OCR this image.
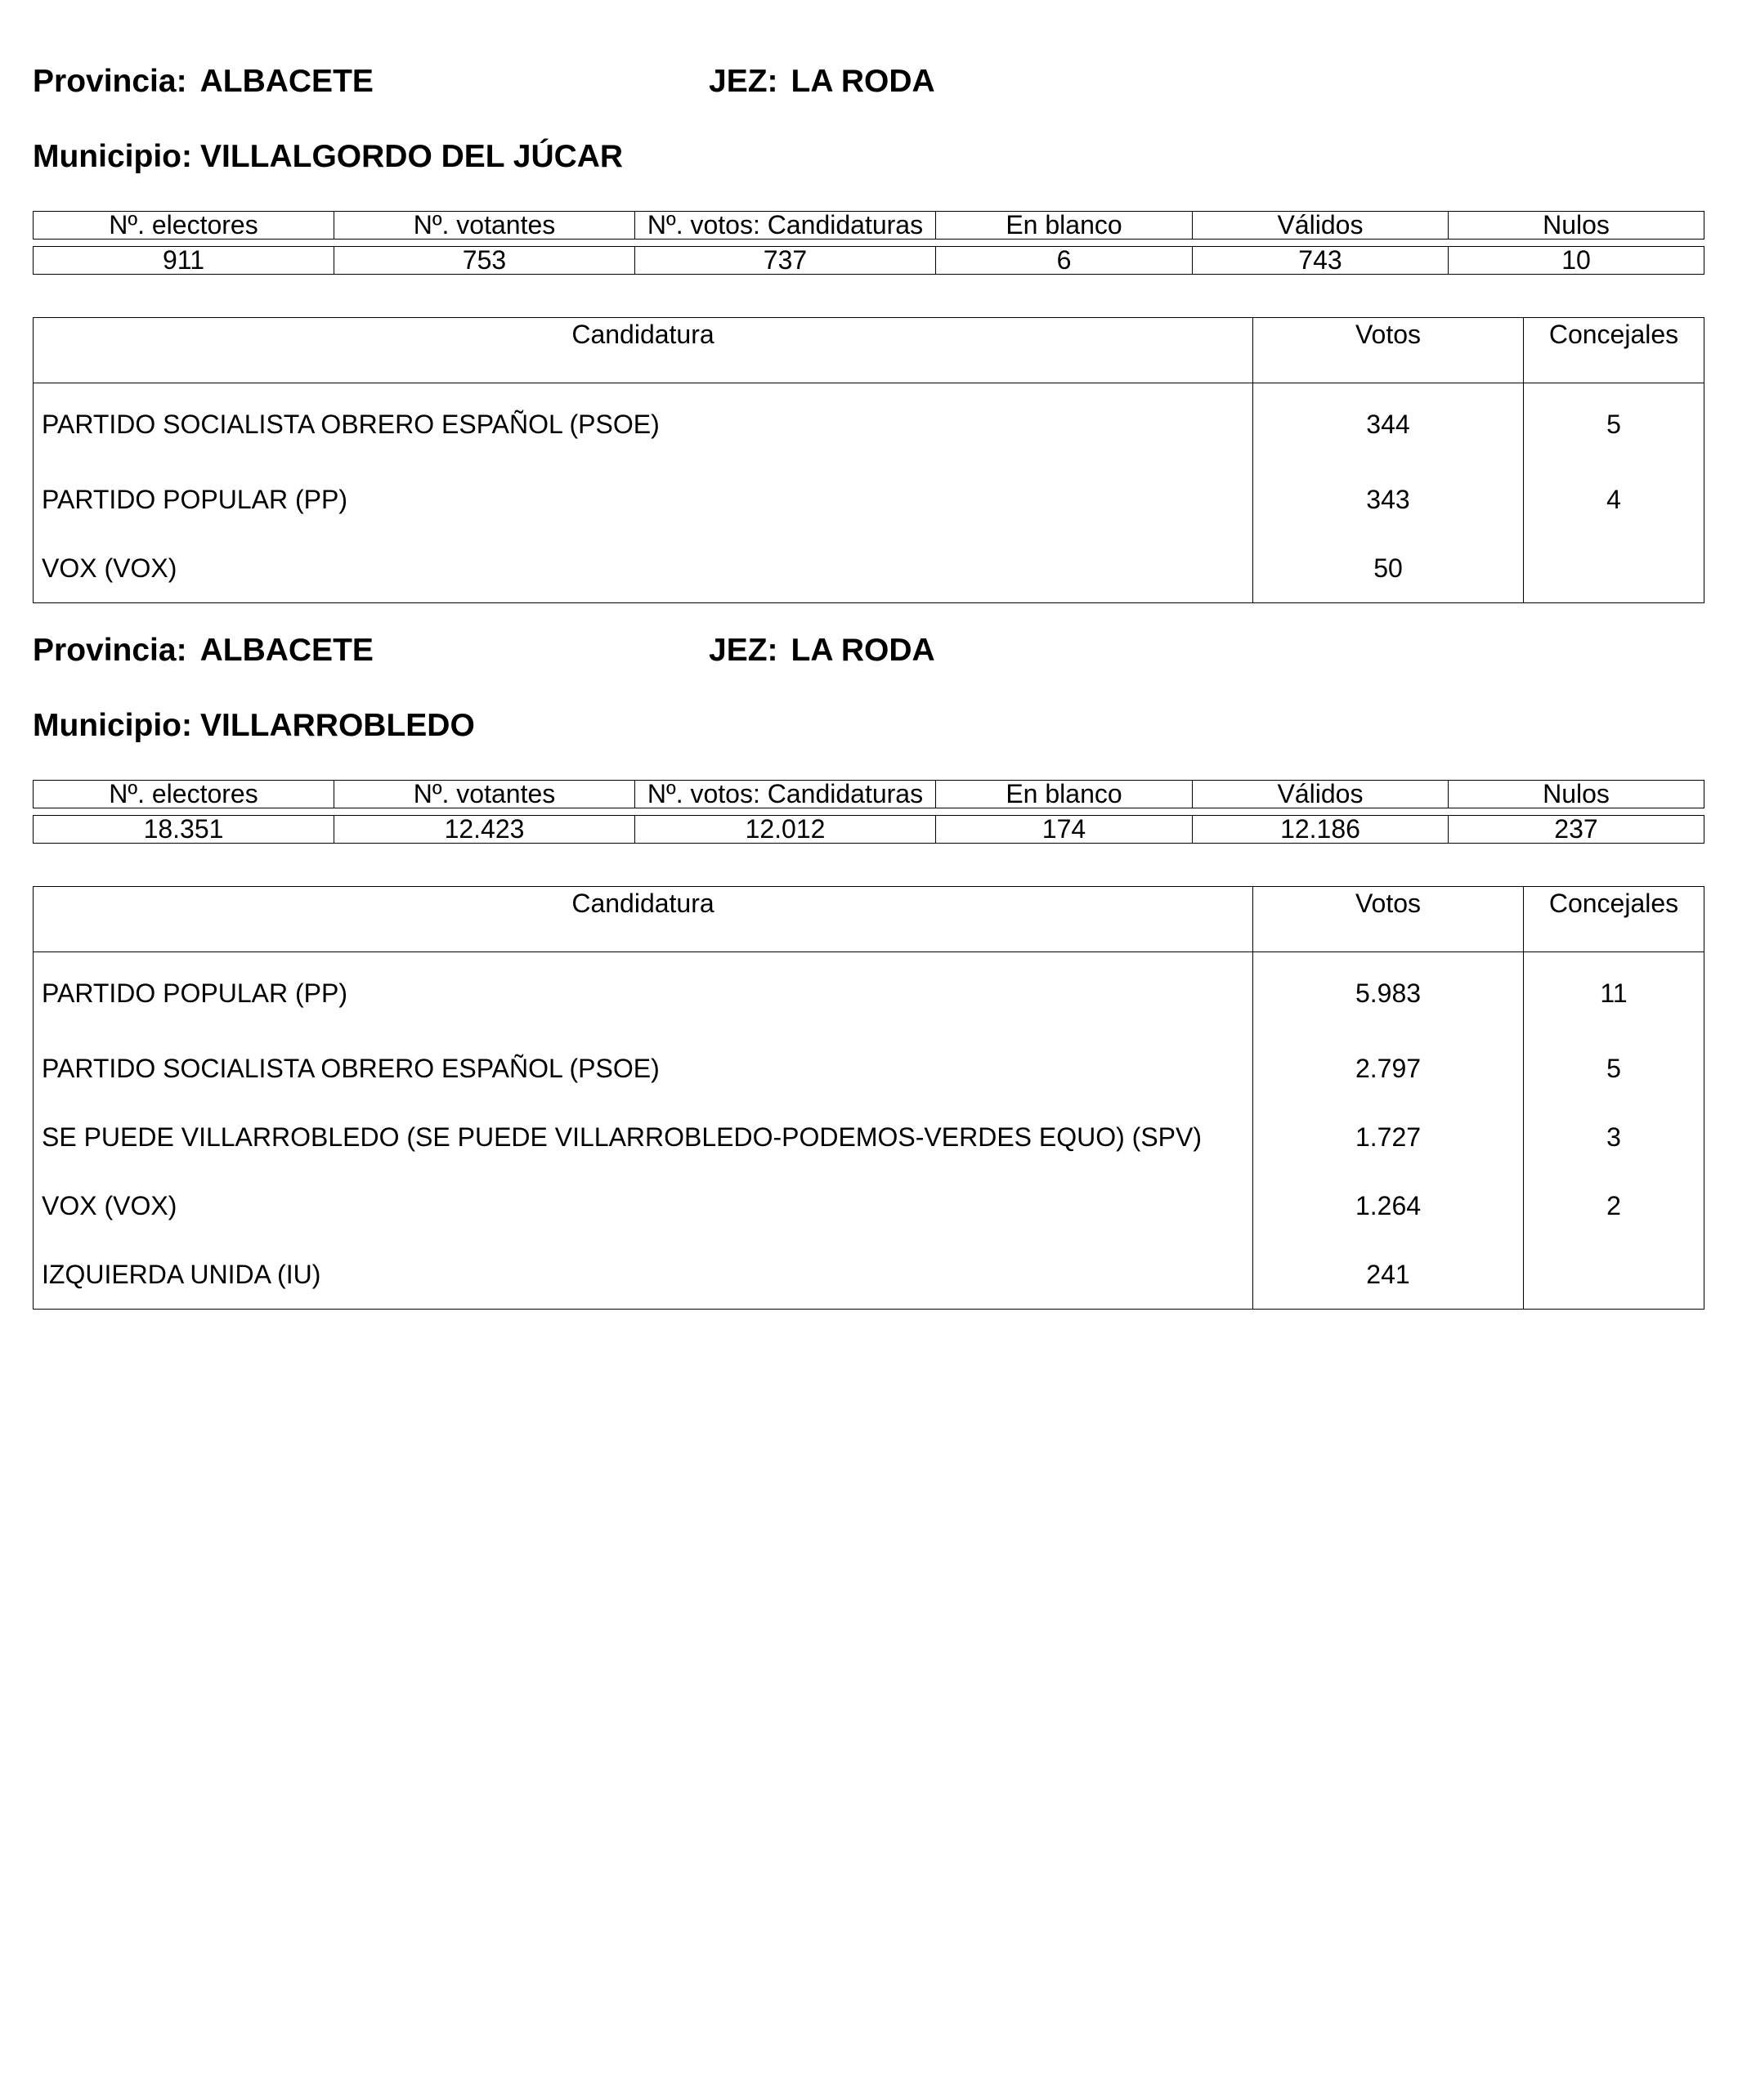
Provincia: ALBACETE	JEZ: LA RODA
Municipio: VILLALGORDO DEL JÚCAR
Nº. electores	Nº. votantes	Nº. votos: Candidaturas	En blanco	Válidos	Nulos

911	753	737	6	743	10
Candidatura	Votos	Concejales
PARTIDO SOCIALISTA OBRERO ESPAÑOL (PSOE)	344	5
PARTIDO POPULAR (PP)	343	4
VOX (VOX)	50	
Provincia: ALBACETE	JEZ: LA RODA
Municipio: VILLARROBLEDO
Nº. electores	Nº. votantes	Nº. votos: Candidaturas	En blanco	Válidos	Nulos

18.351	12.423	12.012	174	12.186	237
Candidatura	Votos	Concejales
PARTIDO POPULAR (PP)	5.983	11
PARTIDO SOCIALISTA OBRERO ESPAÑOL (PSOE)	2.797	5
SE PUEDE VILLARROBLEDO (SE PUEDE VILLARROBLEDO-PODEMOS-VERDES EQUO) (SPV)	1.727	3
VOX (VOX)	1.264	2
IZQUIERDA UNIDA (IU)	241	
